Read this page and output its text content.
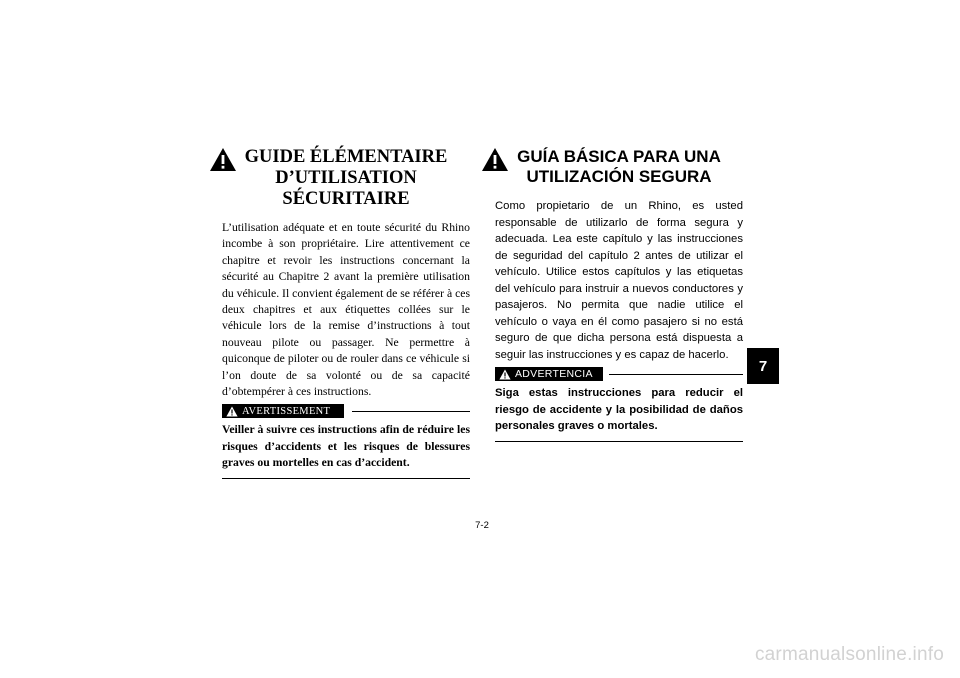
GUIDE ÉLÉMENTAIRE
D’UTILISATION SÉCURITAIRE

L’utilisation adéquate et en toute sécurité du Rhino incombe à son propriétaire. Lire attentivement ce chapitre et revoir les instructions concernant la sécurité au Chapitre 2 avant la première utilisation du véhicule. Il convient également de se référer à ces deux chapitres et aux étiquettes collées sur le véhicule lors de la remise d’instructions à tout nouveau pilote ou passager. Ne permettre à quiconque de piloter ou de rouler dans ce véhicule si l’on doute de sa volonté ou de sa capacité d’obtempérer à ces instructions.

AVERTISSEMENT

Veiller à suivre ces instructions afin de réduire les risques d’accidents et les risques de blessures graves ou mortelles en cas d’accident.

GUÍA BÁSICA PARA UNA
UTILIZACIÓN SEGURA

Como propietario de un Rhino, es usted responsable de utilizarlo de forma segura y adecuada. Lea este capítulo y las instrucciones de seguridad del capítulo 2 antes de utilizar el vehículo. Utilice estos capítulos y las etiquetas del vehículo para instruir a nuevos conductores y pasajeros. No permita que nadie utilice el vehículo o vaya en él como pasajero si no está seguro de que dicha persona está dispuesta a seguir las instrucciones y es capaz de hacerlo.

ADVERTENCIA

Siga estas instrucciones para reducir el riesgo de accidente y la posibilidad de daños personales graves o mortales.

7
7-2
carmanualsonline.info
